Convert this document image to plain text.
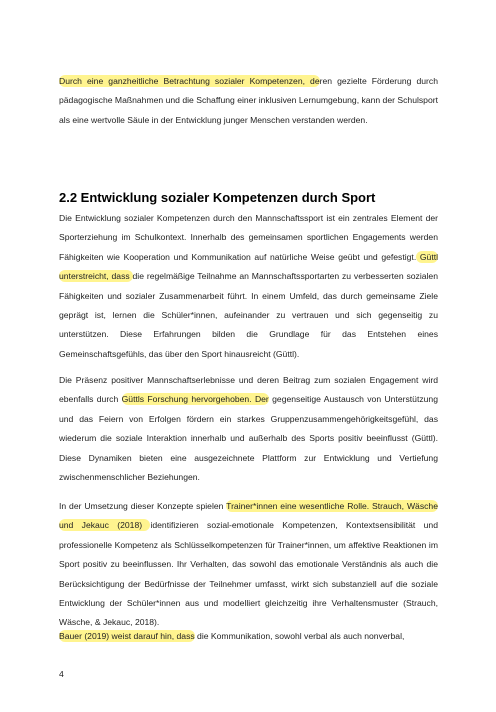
Durch eine ganzheitliche Betrachtung sozialer Kompetenzen, deren gezielte Förderung durch pädagogische Maßnahmen und die Schaffung einer inklusiven Lernumgebung, kann der Schulsport als eine wertvolle Säule in der Entwicklung junger Menschen verstanden werden.

2.2 Entwicklung sozialer Kompetenzen durch Sport

Die Entwicklung sozialer Kompetenzen durch den Mannschaftssport ist ein zentrales Element der Sporterziehung im Schulkontext. Innerhalb des gemeinsamen sportlichen Engagements werden Fähigkeiten wie Kooperation und Kommunikation auf natürliche Weise geübt und gefestigt. Güttl unterstreicht, dass die regelmäßige Teilnahme an Mannschaftssportarten zu verbesserten sozialen Fähigkeiten und sozialer Zusammenarbeit führt. In einem Umfeld, das durch gemeinsame Ziele geprägt ist, lernen die Schüler*innen, aufeinander zu vertrauen und sich gegenseitig zu unterstützen. Diese Erfahrungen bilden die Grundlage für das Entstehen eines Gemeinschaftsgefühls, das über den Sport hinausreicht (Güttl).

Die Präsenz positiver Mannschaftserlebnisse und deren Beitrag zum sozialen Engagement wird ebenfalls durch Güttls Forschung hervorgehoben. Der gegenseitige Austausch von Unterstützung und das Feiern von Erfolgen fördern ein starkes Gruppenzusammengehörigkeitsgefühl, das wiederum die soziale Interaktion innerhalb und außerhalb des Sports positiv beeinflusst (Güttl). Diese Dynamiken bieten eine ausgezeichnete Plattform zur Entwicklung und Vertiefung zwischenmenschlicher Beziehungen.

In der Umsetzung dieser Konzepte spielen Trainer*innen eine wesentliche Rolle. Strauch, Wäsche und Jekauc (2018) identifizieren sozial-emotionale Kompetenzen, Kontextsensibilität und professionelle Kompetenz als Schlüsselkompetenzen für Trainer*innen, um affektive Reaktionen im Sport positiv zu beeinflussen. Ihr Verhalten, das sowohl das emotionale Verständnis als auch die Berücksichtigung der Bedürfnisse der Teilnehmer umfasst, wirkt sich substanziell auf die soziale Entwicklung der Schüler*innen aus und modelliert gleichzeitig ihre Verhaltensmuster (Strauch, Wäsche, & Jekauc, 2018).

Bauer (2019) weist darauf hin, dass die Kommunikation, sowohl verbal als auch nonverbal,

4
